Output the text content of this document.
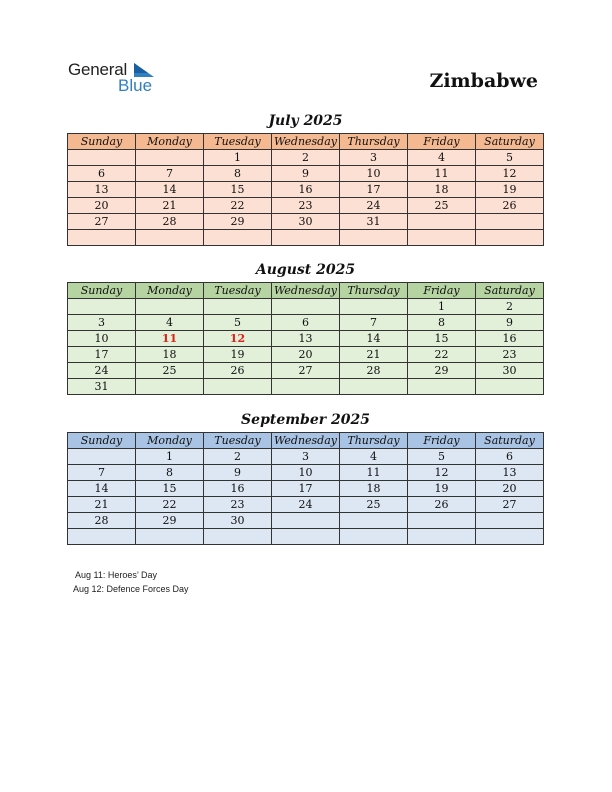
General
Blue	Zimbabwe
July 2025
Sunday	Monday	Tuesday	Wednesday	Thursday	Friday	Saturday
		1	2	3	4	5
6	7	8	9	10	11	12
13	14	15	16	17	18	19
20	21	22	23	24	25	26
27	28	29	30	31		

August 2025
Sunday	Monday	Tuesday	Wednesday	Thursday	Friday	Saturday
					1	2
3	4	5	6	7	8	9
10	11	12	13	14	15	16
17	18	19	20	21	22	23
24	25	26	27	28	29	30
31						
September 2025
Sunday	Monday	Tuesday	Wednesday	Thursday	Friday	Saturday
	1	2	3	4	5	6
7	8	9	10	11	12	13
14	15	16	17	18	19	20
21	22	23	24	25	26	27
28	29	30				

Aug 11: Heroes’ Day
Aug 12: Defence Forces Day
